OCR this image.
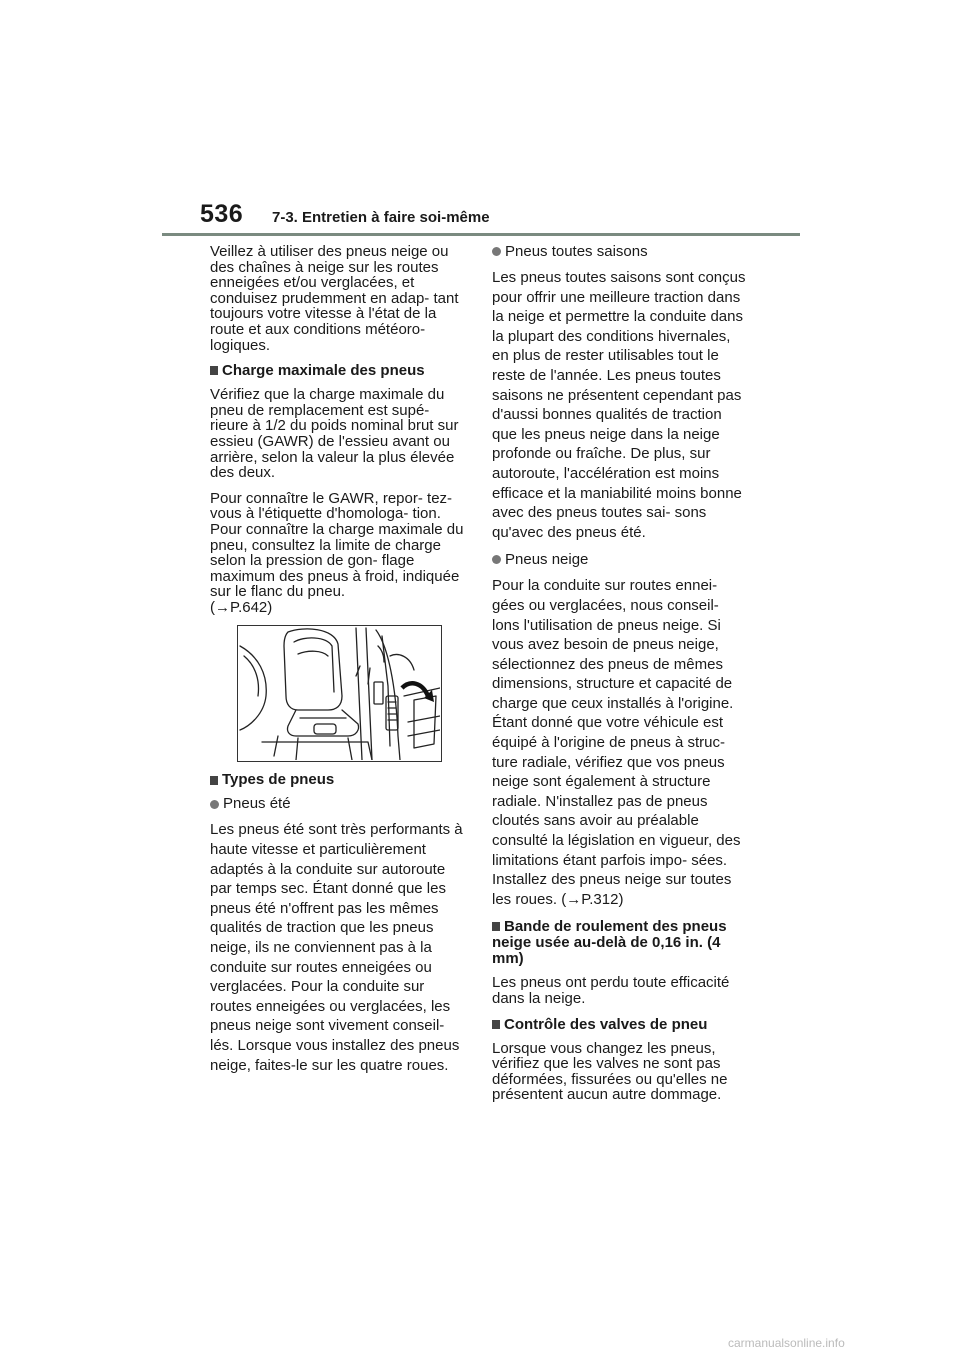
536 7-3. Entretien à faire soi-même

Veillez à utiliser des pneus neige ou des chaînes à neige sur les routes enneigées et/ou verglacées, et conduisez prudemment en adap- tant toujours votre vitesse à l'état de la route et aux conditions météoro- logiques.

Charge maximale des pneus

Vérifiez que la charge maximale du pneu de remplacement est supé- rieure à 1/2 du poids nominal brut sur essieu (GAWR) de l'essieu avant ou arrière, selon la valeur la plus élevée des deux.

Pour connaître le GAWR, repor- tez-vous à l'étiquette d'homologa- tion.

Pour connaître la charge maximale du pneu, consultez la limite de charge selon la pression de gon- flage maximum des pneus à froid, indiquée sur le flanc du pneu.

(→P.642)

Types de pneus
Pneus été

Les pneus été sont très performants à haute vitesse et particulièrement adaptés à la conduite sur autoroute par temps sec. Étant donné que les pneus été n'offrent pas les mêmes qualités de traction que les pneus neige, ils ne conviennent pas à la conduite sur routes enneigées ou verglacées. Pour la conduite sur routes enneigées ou verglacées, les pneus neige sont vivement conseil- lés. Lorsque vous installez des pneus neige, faites-le sur les quatre roues.

Pneus toutes saisons

Les pneus toutes saisons sont conçus pour offrir une meilleure traction dans la neige et permettre la conduite dans la plupart des conditions hivernales, en plus de rester utilisables tout le reste de l'année. Les pneus toutes saisons ne présentent cependant pas d'aussi bonnes qualités de traction que les pneus neige dans la neige profonde ou fraîche. De plus, sur autoroute, l'accélération est moins efficace et la maniabilité moins bonne avec des pneus toutes sai- sons qu'avec des pneus été.

Pneus neige

Pour la conduite sur routes ennei- gées ou verglacées, nous conseil- lons l'utilisation de pneus neige. Si vous avez besoin de pneus neige, sélectionnez des pneus de mêmes dimensions, structure et capacité de charge que ceux installés à l'origine. Étant donné que votre véhicule est équipé à l'origine de pneus à struc- ture radiale, vérifiez que vos pneus neige sont également à structure radiale. N'installez pas de pneus cloutés sans avoir au préalable consulté la législation en vigueur, des limitations étant parfois impo- sées. Installez des pneus neige sur toutes les roues. (→P.312)

Bande de roulement des pneus neige usée au-delà de 0,16 in. (4 mm)

Les pneus ont perdu toute efficacité dans la neige.

Contrôle des valves de pneu

Lorsque vous changez les pneus, vérifiez que les valves ne sont pas déformées, fissurées ou qu'elles ne présentent aucun autre dommage.

carmanualsonline.info
